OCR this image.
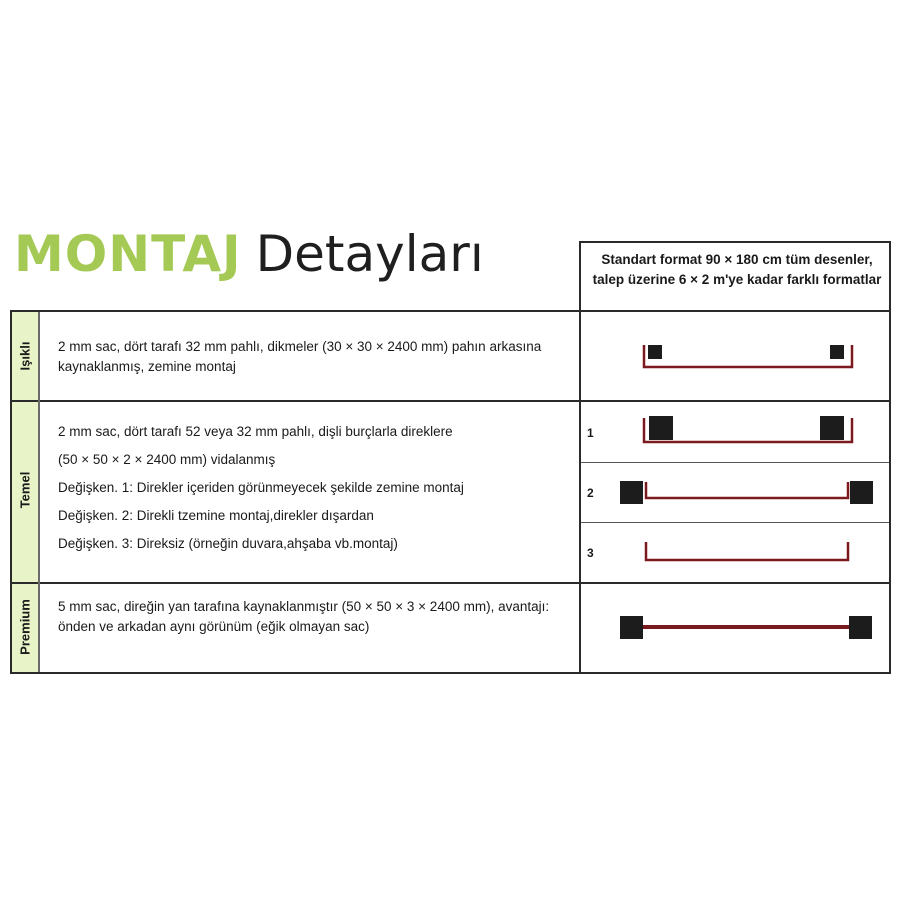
MONTAJ Detayları	Standart format 90 × 180 cm tüm desenler, talep üzerine 6 × 2 m'ye kadar farklı formatlar
Işıklı
Temel
Premium
2 mm sac, dört tarafı 32 mm pahlı, dikmeler (30 × 30 × 2400 mm) pahın arkasına kaynaklanmış, zemine montaj
2 mm sac, dört tarafı 52 veya 32 mm pahlı, dişli burçlarla direklere
(50 × 50 × 2 × 2400 mm) vidalanmış
Değişken. 1: Direkler içeriden görünmeyecek şekilde zemine montaj
Değişken. 2: Direkli tzemine montaj,direkler dışardan
Değişken. 3: Direksiz (örneğin duvara,ahşaba vb.montaj)
5 mm sac, direğin yan tarafına kaynaklanmıştır (50 × 50 × 3 × 2400 mm), avantajı: önden ve arkadan aynı görünüm (eğik olmayan sac)
1
2
3
